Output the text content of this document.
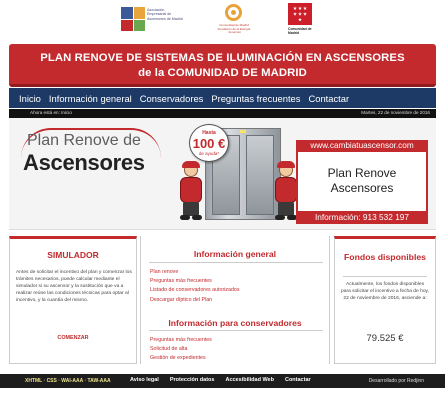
Asociación Empresarial de Ascensores de Madrid
Comunidad de Madrid Fundación de la Energía · fenercom
Comunidad de Madrid
PLAN RENOVE DE SISTEMAS DE ILUMINACIÓN EN ASCENSORES
de la COMUNIDAD DE MADRID
Inicio Información general Conservadores Preguntas frecuentes Contactar
Ahora está en: Inicio	Martes, 22 de noviembre de 2016
Plan Renove de
Ascensores
Hasta
100 €
de ayuda*
www.cambiatuascensor.com
Plan Renove
Ascensores
Información: 913 532 197
SIMULADOR

Antes de solicitar el incentivo del plan y comenzar los trámites necesarios, puede calcular mediante el simulador si su ascensor y la sustitución que va a realizar reúne las condiciones técnicas para optar al incentivo, y la cuantía del mismo.

COMENZAR
Información general
Plan renove
Preguntas más frecuentes
Listado de conservadores autorizados
Descargar díptico del Plan
Información para conservadores
Preguntas más frecuentes
Solicitud de alta
Gestión de expedientes
Fondos disponibles

Actualmente, los fondos disponibles para solicitar el incentivo a fecha de hoy, 22 de noviembre de 2016, asciende a:

79.525 €
XHTML · CSS · WAI-AAA · TAW-AAA	Aviso legal Protección datos Accesibilidad Web Contactar	Desarrollado por Redjinn
